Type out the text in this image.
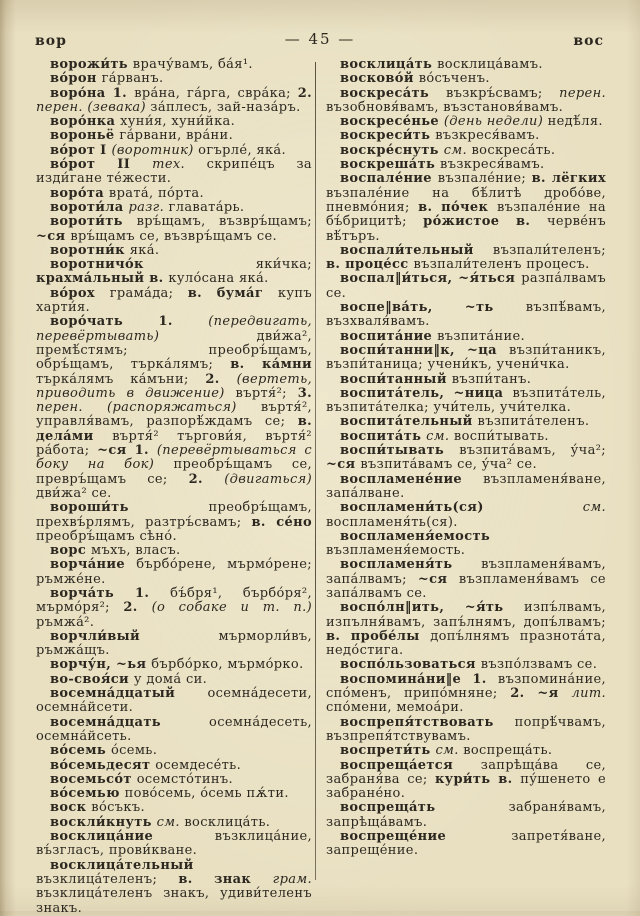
вор	— 45 —	вос

ворожи́ть врачу́вамъ, ба́я¹.

во́рон га́рванъ.

воро́на 1. вра́на, га́рга, свра́ка; 2. перен. (зевака) за́плесъ, зай-наза́ръ.

воро́нка хуни́я, хуни́йка.

вороньё га́рвани, вра́ни.

во́рот I (воротник) огърле́, яка́.

во́рот II тех. скрипе́цъ за изди́гане те́жести.

воро́та врата́, по́рта.

вороти́ла разг. главата́рь.

вороти́ть връ́щамъ, възвръ́щамъ; ~ся връ́щамъ се, възвръ́щамъ се.

воротни́к яка́.

воротничо́к яки́чка; крахма́льный в. куло́сана яка́.

во́рох грама́да; в. бума́г купъ харти́я.

воро́чать 1. (передвигать, перевёртывать) дви́жа², премѣ́стямъ; преобръ́щамъ, обръ́щамъ, търка́лямъ; в. ка́мни търка́лямъ ка́мъни; 2. (вертеть, приводить в движение) въртя́²; 3. перен. (распоряжаться) въртя́², управля́вамъ, разпорѣ́ждамъ се; в. дела́ми въртя́² търгови́я, въртя́² ра́бота; ~ся 1. (перевёртываться с боку на бок) преобръ́щамъ се, превръ́щамъ се; 2. (двигаться) дви́жа² се.

вороши́ть преобръ́щамъ, прехвъ́рлямъ, разтръ́свамъ; в. се́но преобръ́щамъ сѣно́.

ворс мъхъ, власъ.

ворча́ние бърбо́рене, мърмо́рене; ръмже́не.

ворча́ть 1. бъ́бря¹, бърбо́ря², мърмо́ря²; 2. (о собаке и т. п.) ръмжа́².

ворчли́вый мърморли́въ, ръмжа́щъ.

ворчу́н, ~ья бърбо́рко, мърмо́рко.

во-своя́си у дома́ си.

восемна́дцатый осемна́десети, осемна́йсети.

восемна́дцать осемна́десеть, осемна́йсеть.

во́семь о́семь.

во́семьдесят осемдесе́ть.

восемьсо́т осемсто́тинъ.

во́семью пово́семь, о́семь пѫ́ти.

воск во́съкъ.

воскли́кнуть см. восклица́ть.

восклица́ние възклица́ние, въ́згласъ, прови́кване.

восклица́тельный възклица́теленъ; в. знак грам. възклица́теленъ знакъ, удиви́теленъ знакъ.

восклица́ть восклица́вамъ.

восково́й во́съченъ.

воскреса́ть възкръ́свамъ; перен. възобновя́вамъ, възстановя́вамъ.

воскресе́нье (день недели) недѣ́ля.

воскреси́ть възкреся́вамъ.

воскре́снуть см. воскреса́ть.

воскреша́ть възкреся́вамъ.

воспале́ние възпале́ние; в. лёгких възпале́ние на бѣ́литѣ дробо́ве, пневмо́ния; в. по́чек възпале́ние на бъ́брицитѣ; ро́жистое в. черве́нъ вѣ́търъ.

воспали́тельный възпали́теленъ; в. проце́сс възпали́теленъ процесъ.

воспал‖и́ться, ~я́ться разпа́лвамъ се.

воспе‖ва́ть, ~ть възпѣ́вамъ, възхваля́вамъ.

воспита́ние възпита́ние.

воспи́танни‖к, ~ца възпи́таникъ, възпи́таница; учени́къ, учени́чка.

воспи́танный възпи́танъ.

воспита́тель, ~ница възпита́тель, възпита́телка; учи́тель, учи́телка.

воспита́тельный възпита́теленъ.

воспита́ть см. воспи́тывать.

воспи́тывать възпита́вамъ, у́ча²; ~ся възпита́вамъ се, у́ча² се.

воспламене́ние възпламеня́ване, запа́лване.

воспламени́ть(ся) см. воспламеня́ть(ся).

воспламеня́емость възпламеня́емость.

воспламеня́ть възпламеня́вамъ, запа́лвамъ; ~ся възпламеня́вамъ се запа́лвамъ се.

воспо́лн‖ить, ~я́ть изпъ́лвамъ, изпълня́вамъ, запъ́лнямъ, допъ́лвамъ; в. пробе́лы допъ́лнямъ празнота́та, недо́стига.

воспо́льзоваться възпо́лзвамъ се.

воспомина́ни‖е 1. възпомина́ние, спо́менъ, припо́мняне; 2. ~я лит. спо́мени, мемоа́ри.

воспрепя́тствовать попрѣ́чвамъ, възпрепя́тствувамъ.

воспрети́ть см. воспреща́ть.

воспреща́ется запрѣща́ва се, забраня́ва се; кури́ть в. пу́шенето е забране́но.

воспреща́ть забраня́вамъ, запрѣща́вамъ.

воспреще́ние запретя́ване, запреще́ние.
